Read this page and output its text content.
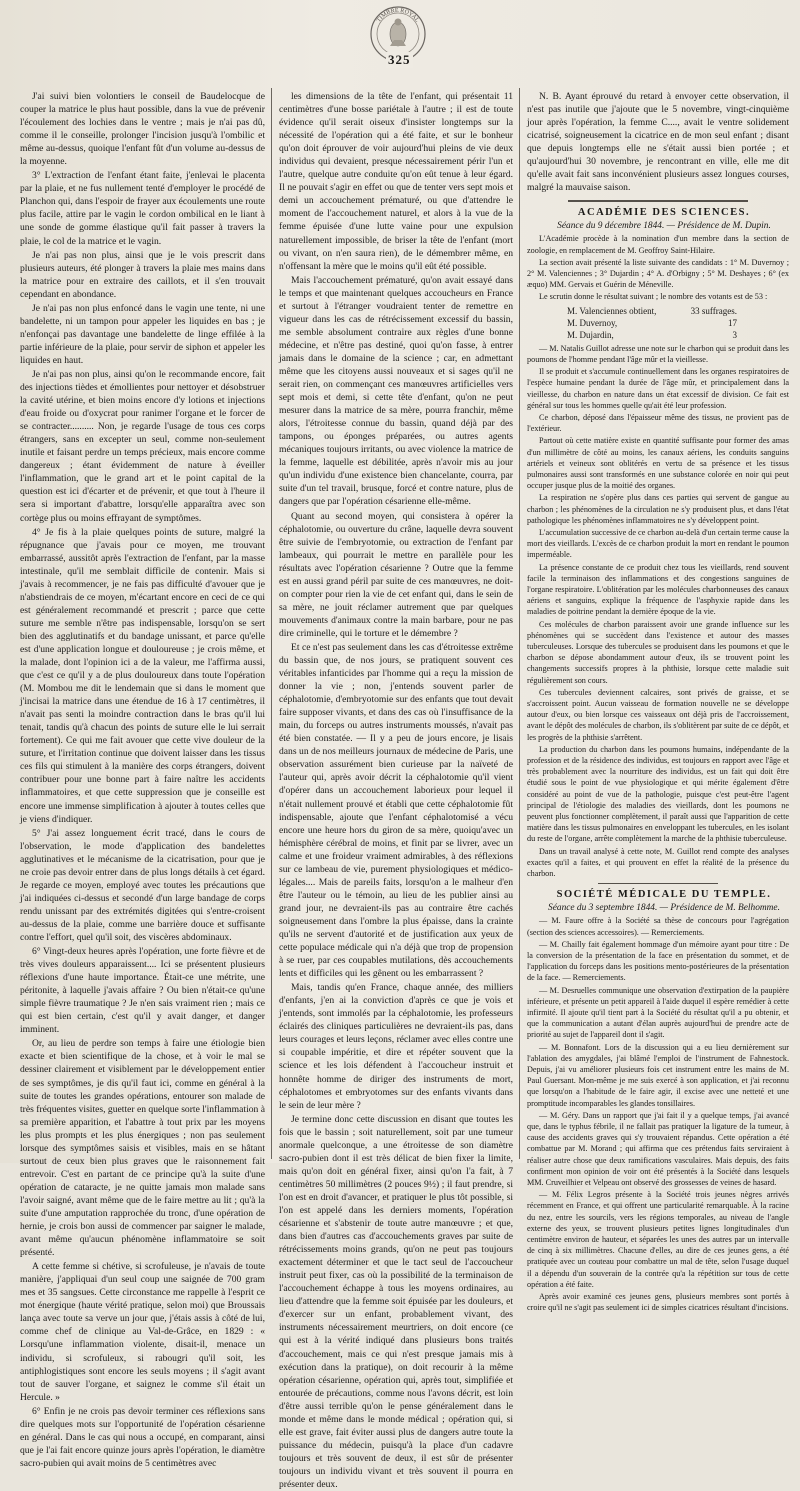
TIMBRE ROYAL
325

J'ai suivi bien volontiers le conseil de Baudelocque de couper la matrice le plus haut possible, dans la vue de prévenir l'écoulement des lochies dans le ventre ; mais je n'ai pas dû, comme il le conseille, prolonger l'incision jusqu'à l'ombilic et même au-dessus, quoique l'enfant fût d'un volume au-dessus de la moyenne.

3° L'extraction de l'enfant étant faite, j'enlevai le placenta par la plaie, et ne fus nullement tenté d'employer le procédé de Planchon qui, dans l'espoir de frayer aux écoulements une route plus facile, attire par le vagin le cordon ombilical en le liant à une sonde de gomme élastique qu'il fait passer à travers la plaie, le col de la matrice et le vagin.

Je n'ai pas non plus, ainsi que je le vois prescrit dans plusieurs auteurs, été plonger à travers la plaie mes mains dans la matrice pour en extraire des caillots, et il s'en trouvait cependant en abondance.

Je n'ai pas non plus enfoncé dans le vagin une tente, ni une bandelette, ni un tampon pour appeler les liquides en bas ; je n'enfonçai pas davantage une bandelette de linge effilée à la partie inférieure de la plaie, pour servir de siphon et appeler les liquides en haut.

Je n'ai pas non plus, ainsi qu'on le recommande encore, fait des injections tièdes et émollientes pour nettoyer et désobstruer la cavité utérine, et bien moins encore d'y lotions et injections d'eau froide ou d'oxycrat pour ranimer l'organe et le forcer de se contracter.......... Non, je regarde l'usage de tous ces corps étrangers, sans en excepter un seul, comme non-seulement inutile et faisant perdre un temps précieux, mais encore comme dangereux ; étant évidemment de nature à éveiller l'inflammation, que le grand art et le point capital de la question est ici d'écarter et de prévenir, et que tout à l'heure il sera si important d'abattre, lorsqu'elle apparaîtra avec son cortège plus ou moins effrayant de symptômes.

4° Je fis à la plaie quelques points de suture, malgré la répugnance que j'avais pour ce moyen, me trouvant embarrassé, aussitôt après l'extraction de l'enfant, par la masse intestinale, qu'il me semblait difficile de contenir. Mais si j'avais à recommencer, je ne fais pas difficulté d'avouer que je n'abstiendrais de ce moyen, m'écartant encore en ceci de ce qui est généralement recommandé et prescrit ; parce que cette suture me semble n'être pas indispensable, lorsqu'on se sert bien des agglutinatifs et du bandage unissant, et parce qu'elle est d'une application longue et douloureuse ; je crois même, et la malade, dont l'opinion ici a de la valeur, me l'affirma aussi, que c'est ce qu'il y a de plus douloureux dans toute l'opération (M. Mombou me dit le lendemain que si dans le moment que j'incisai la matrice dans une étendue de 16 à 17 centimètres, il n'avait pas senti la moindre contraction dans le bras qu'il lui tenait, tandis qu'à chacun des points de suture elle le lui serrait fortement). Ce qui me fait avouer que cette vive douleur de la suture, et l'irritation continue que doivent laisser dans les tissus ces fils qui stimulent à la manière des corps étrangers, doivent contribuer pour une bonne part à faire naître les accidents inflammatoires, et que cette suppression que je conseille est encore une immense simplification à ajouter à toutes celles que je viens d'indiquer.

5° J'ai assez longuement écrit tracé, dans le cours de l'observation, le mode d'application des bandelettes agglutinatives et le mécanisme de la cicatrisation, pour que je ne croie pas devoir entrer dans de plus longs détails à cet égard. Je regarde ce moyen, employé avec toutes les précautions que j'ai indiquées ci-dessus et secondé d'un large bandage de corps rendu unissant par des extrémités digitées qui s'entre-croisent au-dessus de la plaie, comme une barrière douce et suffisante contre l'effort, quel qu'il soit, des viscères abdominaux.

6° Vingt-deux heures après l'opération, une forte fièvre et de très vives douleurs apparaissent.... Ici se présentent plusieurs réflexions d'une haute importance. Était-ce une métrite, une péritonite, à laquelle j'avais affaire ? Ou bien n'était-ce qu'une simple fièvre traumatique ? Je n'en sais vraiment rien ; mais ce qui est bien certain, c'est qu'il y avait danger, et danger imminent.

Or, au lieu de perdre son temps à faire une étiologie bien exacte et bien scientifique de la chose, et à voir le mal se dessiner clairement et visiblement par le développement entier de ses symptômes, je dis qu'il faut ici, comme en général à la suite de toutes les grandes opérations, entourer son malade de très fréquentes visites, guetter en quelque sorte l'inflammation à sa première apparition, et l'abattre à tout prix par les moyens les plus prompts et les plus énergiques ; non pas seulement lorsque des symptômes saisis et visibles, mais en se hâtant surtout de ceux bien plus graves que le raisonnement fait entrevoir. C'est en partant de ce principe qu'à la suite d'une opération de cataracte, je ne quitte jamais mon malade sans l'avoir saigné, avant même que de le faire mettre au lit ; qu'à la suite d'une amputation rapprochée du tronc, d'une opération de hernie, je crois bon aussi de commencer par saigner le malade, avant même qu'aucun phénomène inflammatoire se soit présenté.

A cette femme si chétive, si scrofuleuse, je n'avais de toute manière, j'appliquai d'un seul coup une saignée de 700 gram mes et 35 sangsues. Cette circonstance me rappelle à l'esprit ce mot énergique (haute vérité pratique, selon moi) que Broussais lança avec toute sa verve un jour que, j'étais assis à côté de lui, comme chef de clinique au Val-de-Grâce, en 1829 : « Lorsqu'une inflammation violente, disait-il, menace un individu, si scrofuleux, si rabougri qu'il soit, les antiphlogistiques sont encore les seuls moyens ; il s'agit avant tout de sauver l'organe, et saignez le comme s'il était un Hercule. »

6° Enfin je ne crois pas devoir terminer ces réflexions sans dire quelques mots sur l'opportunité de l'opération césarienne en général. Dans le cas qui nous a occupé, en comparant, ainsi que je l'ai fait encore quinze jours après l'opération, le diamètre sacro-pubien qui avait moins de 5 centimètres avec

les dimensions de la tête de l'enfant, qui présentait 11 centimètres d'une bosse pariétale à l'autre ; il est de toute évidence qu'il serait oiseux d'insister longtemps sur la nécessité de l'opération qui a été faite, et sur le bonheur qu'on doit éprouver de voir aujourd'hui pleins de vie deux individus qui devaient, presque nécessairement périr l'un et l'autre, quelque autre conduite qu'on eût tenue à leur égard. Il ne pouvait s'agir en effet ou que de tenter vers sept mois et demi un accouchement prématuré, ou que d'attendre le moment de l'accouchement naturel, et alors à la vue de la femme épuisée d'une lutte vaine pour une expulsion naturellement impossible, de briser la tête de l'enfant (mort ou vivant, on n'en saura rien), de le démembrer même, en n'offensant la mère que le moins qu'il eût été possible.

Mais l'accouchement prématuré, qu'on avait essayé dans le temps et que maintenant quelques accoucheurs en France et surtout à l'étranger voudraient tenter de remettre en vigueur dans les cas de rétrécissement excessif du bassin, me semble absolument contraire aux règles d'une bonne médecine, et n'être pas destiné, quoi qu'on fasse, à entrer jamais dans le domaine de la science ; car, en admettant même que les citoyens aussi nouveaux et si sages qu'il ne serait rien, on commençant ces manœuvres artificielles vers sept mois et demi, si cette tête d'enfant, qu'on ne peut mesurer dans la matrice de sa mère, pourra franchir, même alors, l'étroitesse connue du bassin, quand déjà par des tampons, ou éponges préparées, ou autres agents mécaniques toujours irritants, ou avec violence la matrice de la femme, laquelle est débilitée, après n'avoir mis au jour qu'un individu d'une existence bien chancelante, courra, par suite d'un tel travail, brusque, forcé et contre nature, plus de dangers que par l'opération césarienne elle-même.

Quant au second moyen, qui consistera à opérer la céphalotomie, ou ouverture du crâne, laquelle devra souvent être suivie de l'embryotomie, ou extraction de l'enfant par lambeaux, qui pourrait le mettre en parallèle pour les résultats avec l'opération césarienne ? Outre que la femme est en aussi grand péril par suite de ces manœuvres, ne doit-on compter pour rien la vie de cet enfant qui, dans le sein de sa mère, ne jouit réclamer autrement que par quelques mouvements d'animaux contre la main barbare, pour ne pas dire criminelle, qui le torture et le démembre ?

Et ce n'est pas seulement dans les cas d'étroitesse extrême du bassin que, de nos jours, se pratiquent souvent ces véritables infanticides par l'homme qui a reçu la mission de donner la vie ; non, j'entends souvent parler de céphalotomie, d'embryotomie sur des enfants que tout devait faire supposer vivants, et dans des cas où l'insuffisance de la main, du forceps ou autres instruments moussés, n'avait pas été bien constatée. — Il y a peu de jours encore, je lisais dans un de nos meilleurs journaux de médecine de Paris, une observation assurément bien curieuse par la naïveté de l'auteur qui, après avoir décrit la céphalotomie qu'il vient d'opérer dans un accouchement laborieux pour lequel il n'était nullement prouvé et établi que cette céphalotomie fût indispensable, ajoute que l'enfant céphalotomisé a vécu encore une heure hors du giron de sa mère, quoiqu'avec un hémisphère cérébral de moins, et finit par se livrer, avec un calme et une froideur vraiment admirables, à des réflexions sur ce lambeau de vie, purement physiologiques et médico-légales.... Mais de pareils faits, lorsqu'on a le malheur d'en être l'auteur ou le témoin, au lieu de les publier ainsi au grand jour, ne devraient-ils pas au contraire être cachés soigneusement dans l'ombre la plus épaisse, dans la crainte qu'ils ne servent d'autorité et de justification aux yeux de cette populace médicale qui n'a déjà que trop de propension à se ruer, par ces coupables mutilations, dès accouchements lents et difficiles qui les gênent ou les embarrassent ?

Mais, tandis qu'en France, chaque année, des milliers d'enfants, j'en ai la conviction d'après ce que je vois et j'entends, sont immolés par la céphalotomie, les professeurs éclairés des cliniques particulières ne devraient-ils pas, dans leurs courages et leurs leçons, réclamer avec elles contre une si coupable impéritie, et dire et répéter souvent que la science et les lois défendent à l'accoucheur instruit et honnête homme de diriger des instruments de mort, céphalotomes et embryotomes sur des enfants vivants dans le sein de leur mère ?

Je termine donc cette discussion en disant que toutes les fois que le bassin ; soit naturellement, soit par une tumeur anormale quelconque, a une étroitesse de son diamètre sacro-pubien dont il est très délicat de bien fixer la limite, mais qu'on doit en général fixer, ainsi qu'on l'a fait, à 7 centimètres 50 millimètres (2 pouces 9½) ; il faut prendre, si l'on est en droit d'avancer, et pratiquer le plus tôt possible, si l'on est appelé dans les derniers moments, l'opération césarienne et s'abstenir de toute autre manœuvre ; et que, dans bien d'autres cas d'accouchements graves par suite de rétrécissements moins grands, qu'on ne peut pas toujours exactement déterminer et que le tact seul de l'accoucheur instruit peut fixer, cas où la possibilité de la terminaison de l'accouchement échappe à tous les moyens ordinaires, au lieu d'attendre que la femme soit épuisée par les douleurs, et d'exercer sur un enfant, probablement vivant, des instruments nécessairement meurtriers, on doit encore (ce qui est à la vérité indiqué dans plusieurs bons traités d'accouchement, mais ce qui n'est presque jamais mis à exécution dans la pratique), on doit recourir à la même opération césarienne, opération qui, après tout, simplifiée et entourée de précautions, comme nous l'avons décrit, est loin d'être aussi terrible qu'on le pense généralement dans le monde et même dans le monde médical ; opération qui, si elle est grave, fait éviter aussi plus de dangers autre toute la puissance du médecin, puisqu'à la place d'un cadavre toujours et très souvent de deux, il est sûr de présenter toujours un individu vivant et très souvent il pourra en présenter deux.

N. B. Ayant éprouvé du retard à envoyer cette observation, il n'est pas inutile que j'ajoute que le 5 novembre, vingt-cinquième jour après l'opération, la femme C...., avait le ventre solidement cicatrisé, soigneusement la cicatrice en de mon seul enfant ; disant que depuis longtemps elle ne s'était aussi bien portée ; et qu'aujourd'hui 30 novembre, je rencontrant en ville, elle me dit qu'elle avait fait sans inconvénient plusieurs assez longues courses, malgré la mauvaise saison.

ACADÉMIE DES SCIENCES.

Séance du 9 décembre 1844. — Présidence de M. Dupin.

L'Académie procède à la nomination d'un membre dans la section de zoologie, en remplacement de M. Geoffroy Saint-Hilaire.

La section avait présenté la liste suivante des candidats : 1° M. Duvernoy ; 2° M. Valenciennes ; 3° Dujardin ; 4° A. d'Orbigny ; 5° M. Deshayes ; 6° (ex æquo) MM. Gervais et Guérin de Méneville.

Le scrutin donne le résultat suivant ; le nombre des votants est de 53 :

M. Valenciennes obtient,	33 suffrages.
M. Duvernoy,	17
M. Dujardin,	3

— M. Natalis Guillot adresse une note sur le charbon qui se produit dans les poumons de l'homme pendant l'âge mûr et la vieillesse.

Il se produit et s'accumule continuellement dans les organes respiratoires de l'espèce humaine pendant la durée de l'âge mûr, et principalement dans la vieillesse, du charbon en nature dans un état excessif de division. Ce fait est général sur tous les hommes quelle qu'ait été leur profession.

Ce charbon, déposé dans l'épaisseur même des tissus, ne provient pas de l'extérieur.

Partout où cette matière existe en quantité suffisante pour former des amas d'un millimètre de côté au moins, les canaux aériens, les conduits sanguins artériels et veineux sont oblitérés en vertu de sa présence et les tissus pulmonaires aussi sont transformés en une substance colorée en noir qui peut occuper jusque plus de la moitié des organes.

La respiration ne s'opère plus dans ces parties qui servent de gangue au charbon ; les phénomènes de la circulation ne s'y produisent plus, et dans l'état pathologique les phénomènes inflammatoires ne s'y développent point.

L'accumulation successive de ce charbon au-delà d'un certain terme cause la mort des vieillards. L'excès de ce charbon produit la mort en rendant le poumon imperméable.

La présence constante de ce produit chez tous les vieillards, rend souvent facile la terminaison des inflammations et des congestions sanguines de l'organe respiratoire. L'oblitération par les molécules charbonneuses des canaux aériens et sanguins, explique la fréquence de l'asphyxie rapide dans les maladies de poitrine pendant la dernière époque de la vie.

Ces molécules de charbon paraissent avoir une grande influence sur les phénomènes qui se succèdent dans l'existence et autour des masses tuberculeuses. Lorsque des tubercules se produisent dans les poumons et que le charbon se dépose abondamment autour d'eux, ils se trouvent point les changements successifs propres à la phthisie, lorsque cette maladie suit régulièrement son cours.

Ces tubercules deviennent calcaires, sont privés de graisse, et se s'accroissent point. Aucun vaisseau de formation nouvelle ne se développe autour d'eux, ou bien lorsque ces vaisseaux ont déjà pris de l'accroissement, avant le dépôt des molécules de charbon, ils s'oblitèrent par suite de ce dépôt, et les progrès de la phthisie s'arrêtent.

La production du charbon dans les poumons humains, indépendante de la profession et de la résidence des individus, est toujours en rapport avec l'âge et très probablement avec la nourriture des individus, est un fait qui doit être étudié sous le point de vue physiologique et qui mérite également d'être considéré au point de vue de la pathologie, puisque c'est peut-être l'agent principal de l'étiologie des maladies des vieillards, dont les poumons ne peuvent plus fonctionner complètement, il paraît aussi que l'apparition de cette matière dans les tissus pulmonaires en enveloppant les tubercules, en les isolant du reste de l'organe, arrête complètement la marche de la phthisie tuberculeuse.

Dans un travail analysé à cette note, M. Guillot rend compte des analyses exactes qu'il a faites, et qui prouvent en effet la réalité de la présence du charbon.

SOCIÉTÉ MÉDICALE DU TEMPLE.

Séance du 3 septembre 1844. — Présidence de M. Belhomme.

— M. Faure offre à la Société sa thèse de concours pour l'agrégation (section des sciences accessoires). — Remerciements.

— M. Chailly fait également hommage d'un mémoire ayant pour titre : De la conversion de la présentation de la face en présentation du sommet, et de l'application du forceps dans les positions mento-postérieures de la présentation de la face. — Remerciements.

— M. Desruelles communique une observation d'extirpation de la paupière inférieure, et présente un petit appareil à l'aide duquel il espère remédier à cette infirmité. Il ajoute qu'il tient part à la Société du résultat qu'il a pu obtenir, et que la communication a autant d'élan auprès aujourd'hui de prendre acte de priorité au sujet de l'appareil dont il s'agit.

— M. Bonnafont. Lors de la discussion qui a eu lieu dernièrement sur l'ablation des amygdales, j'ai blâmé l'emploi de l'instrument de Fahnestock. Depuis, j'ai vu améliorer plusieurs fois cet instrument entre les mains de M. Paul Guersant. Mon-même je me suis exercé à son application, et j'ai reconnu que lorsqu'on a l'habitude de le faire agir, il excise avec une netteté et une promptitude incomparables les glandes tonsillaires.

— M. Géry. Dans un rapport que j'ai fait il y a quelque temps, j'ai avancé que, dans le typhus fébrile, il ne fallait pas pratiquer la ligature de la tumeur, à cause des accidents graves qui s'y trouvaient répandus. Cette opération a été combattue par M. Morand ; qui affirma que ces prétendus faits serviraient à réaliser autre chose que deux ramifications vasculaires. Mais depuis, des faits confirment mon opinion de voir ont été présentés à la Société dans lesquels MM. Cruveilhier et Velpeau ont observé des grossesses de veines de hasard.

— M. Félix Legros présente à la Société trois jeunes nègres arrivés récemment en France, et qui offrent une particularité remarquable. À la racine du nez, entre les sourcils, vers les régions temporales, au niveau de l'angle externe des yeux, se trouvent plusieurs petites lignes longitudinales d'un centimètre environ de hauteur, et séparées les unes des autres par un intervalle de cinq à six millimètres. Chacune d'elles, au dire de ces jeunes gens, a été pratiquée avec un couteau pour combattre un mal de tête, selon l'usage duquel il a dépendu d'un souverain de la contrée qu'a la répétition sur tous de cette opération a été faite.

Après avoir examiné ces jeunes gens, plusieurs membres sont portés à croire qu'il ne s'agit pas seulement ici de simples cicatrices résultant d'incisions.
